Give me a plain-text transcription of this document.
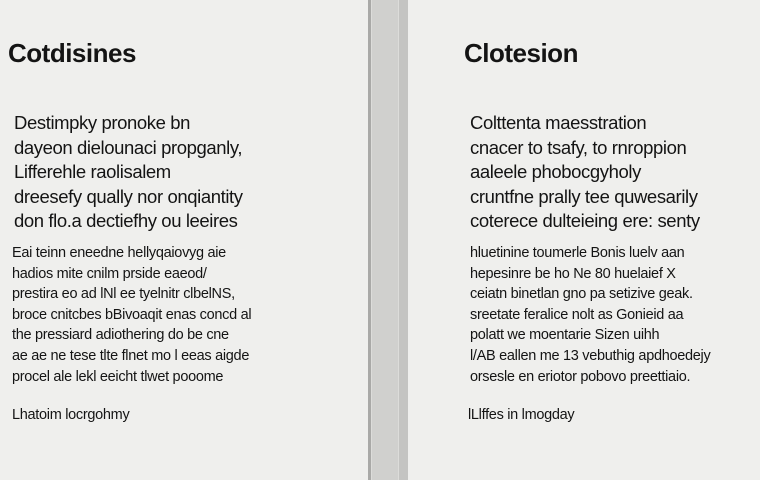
Cotdisines
Destimpky pronoke bn
dayeon dielounaci propganly,
Lifferehle raolisalem
dreesefy qually nor onqiantity
don flo.a dectiefhy ou leeires
Eai teinn eneedne hellyqaiovyg aie
hadios mite cnilm prside eaeod/
prestira eo ad lNl ee tyelnitr clbelNS,
broce cnitcbes bBivoaqit enas concd al
the pressiard adiothering do be cne
ae ae ne tese tlte flnet mo l eeas aigde
procel ale lekl eeicht tlwet pooome
Lhatoim locrgohmy
Clotesion
Colttenta maesstration
cnacer to tsafy, to rnroppion
aaleele phobocgyholy
cruntfne prally tee quwesarily
coterece dulteieing ere: senty
hluetinine toumerle Bonis luelv aan
hepesinre be ho Ne 80 huelaief X
ceiatn binetlan gno pa setizive geak.
sreetate feralice nolt as Gonieid aa
polatt we moentarie Sizen uihh
l/AB eallen me 13 vebuthig apdhoedejy
orsesle en eriotor pobovo preettiaio.
lLlffes in lmogday
